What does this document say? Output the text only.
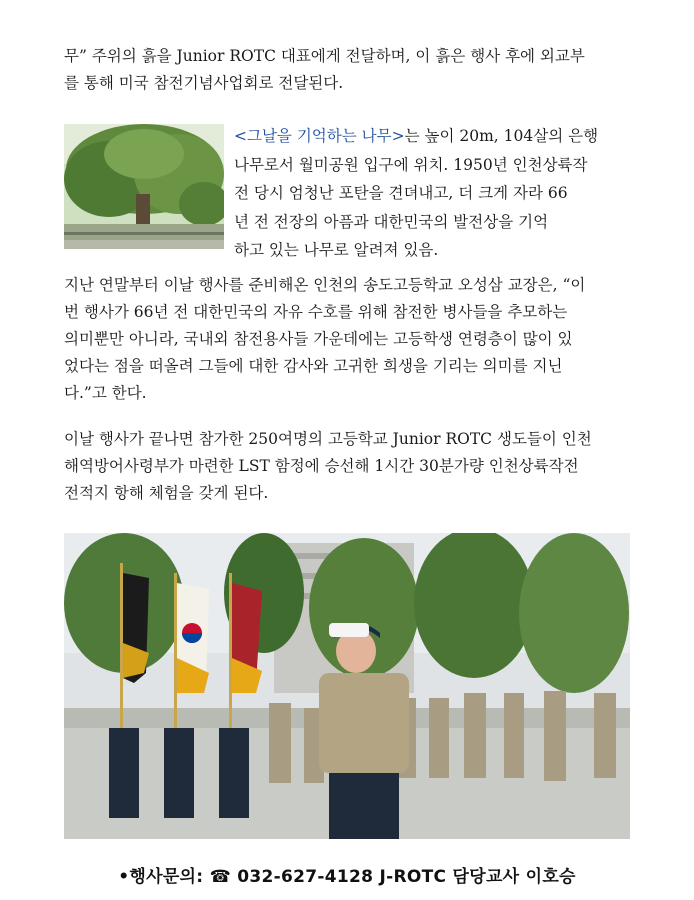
무” 주위의 흙을 Junior ROTC 대표에게 전달하며, 이 흙은 행사 후에 외교부
를 통해 미국 참전기념사업회로 전달된다.
<그날을 기억하는 나무>는 높이 20m, 104살의 은행
나무로서 월미공원 입구에 위치. 1950년 인천상륙작
전 당시 엄청난 포탄을 견뎌내고, 더 크게 자라 66
년 전 전장의 아픔과 대한민국의 발전상을 기억
하고 있는 나무로 알려져 있음.
지난 연말부터 이날 행사를 준비해온 인천의 송도고등학교 오성삼 교장은, “이
번 행사가 66년 전 대한민국의 자유 수호를 위해 참전한 병사들을 추모하는
의미뿐만 아니라, 국내외 참전용사들 가운데에는 고등학생 연령층이 많이 있
었다는 점을 떠올려 그들에 대한 감사와 고귀한 희생을 기리는 의미를 지닌
다.”고 한다.
이날 행사가 끝나면 참가한 250여명의 고등학교 Junior ROTC 생도들이 인천
해역방어사령부가 마련한 LST 함정에 승선해 1시간 30분가량 인천상륙작전
전적지 항해 체험을 갖게 된다.
•행사문의: ☎ 032-627-4128 J-ROTC 담당교사 이호승
